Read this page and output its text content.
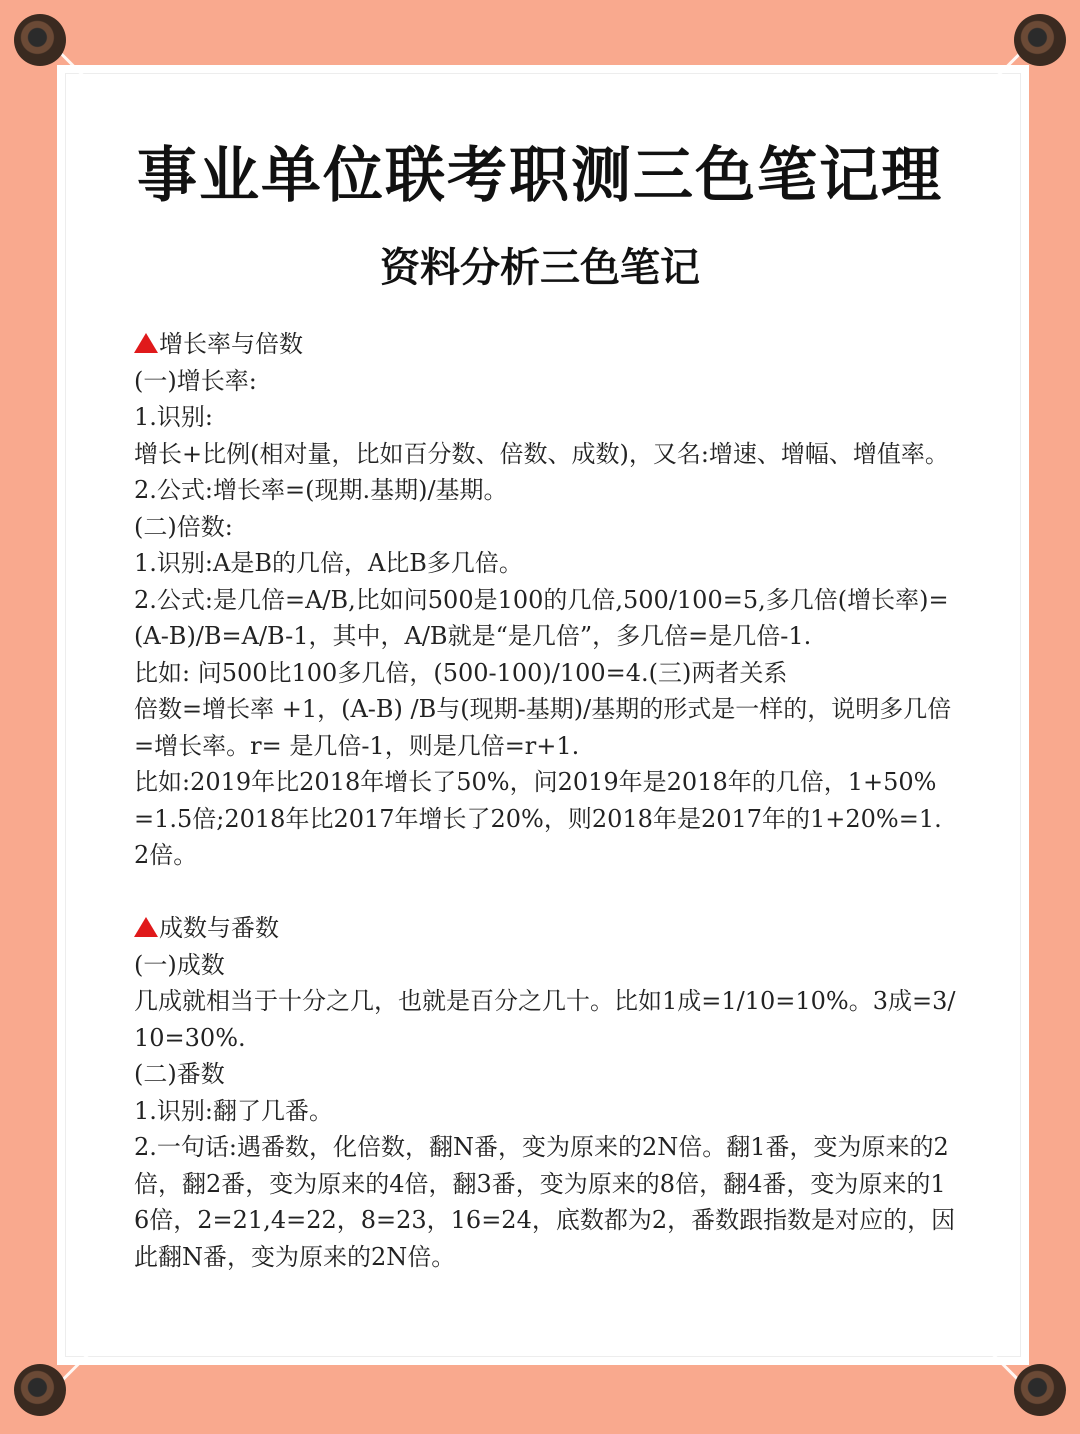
事业单位联考职测三色笔记理
资料分析三色笔记

增长率与倍数

(一)增长率:

1.识别:

增长+比例(相对量，比如百分数、倍数、成数)，又名:增速、增幅、增值率。

2.公式:增长率=(现期.基期)/基期。

(二)倍数:

1.识别:A是B的几倍，A比B多几倍。

2.公式:是几倍=A/B,比如问500是100的几倍,500/100=5,多几倍(增长率)=(A-B)/B=A/B-1，其中，A/B就是“是几倍”，多几倍=是几倍-1.

比如: 问500比100多几倍，(500-100)/100=4.(三)两者关系

倍数=增长率 +1，(A-B) /B与(现期-基期)/基期的形式是一样的，说明多几倍=增长率。r= 是几倍-1，则是几倍=r+1.

比如:2019年比2018年增长了50%，问2019年是2018年的几倍，1+50%=1.5倍;2018年比2017年增长了20%，则2018年是2017年的1+20%=1.2倍。

成数与番数

(一)成数

几成就相当于十分之几，也就是百分之几十。比如1成=1/10=10%。3成=3/10=30%.

(二)番数

1.识别:翻了几番。

2.一句话:遇番数，化倍数，翻N番，变为原来的2N倍。翻1番，变为原来的2倍，翻2番，变为原来的4倍，翻3番，变为原来的8倍，翻4番，变为原来的16倍，2=21,4=22，8=23，16=24，底数都为2，番数跟指数是对应的，因此翻N番，变为原来的2N倍。
